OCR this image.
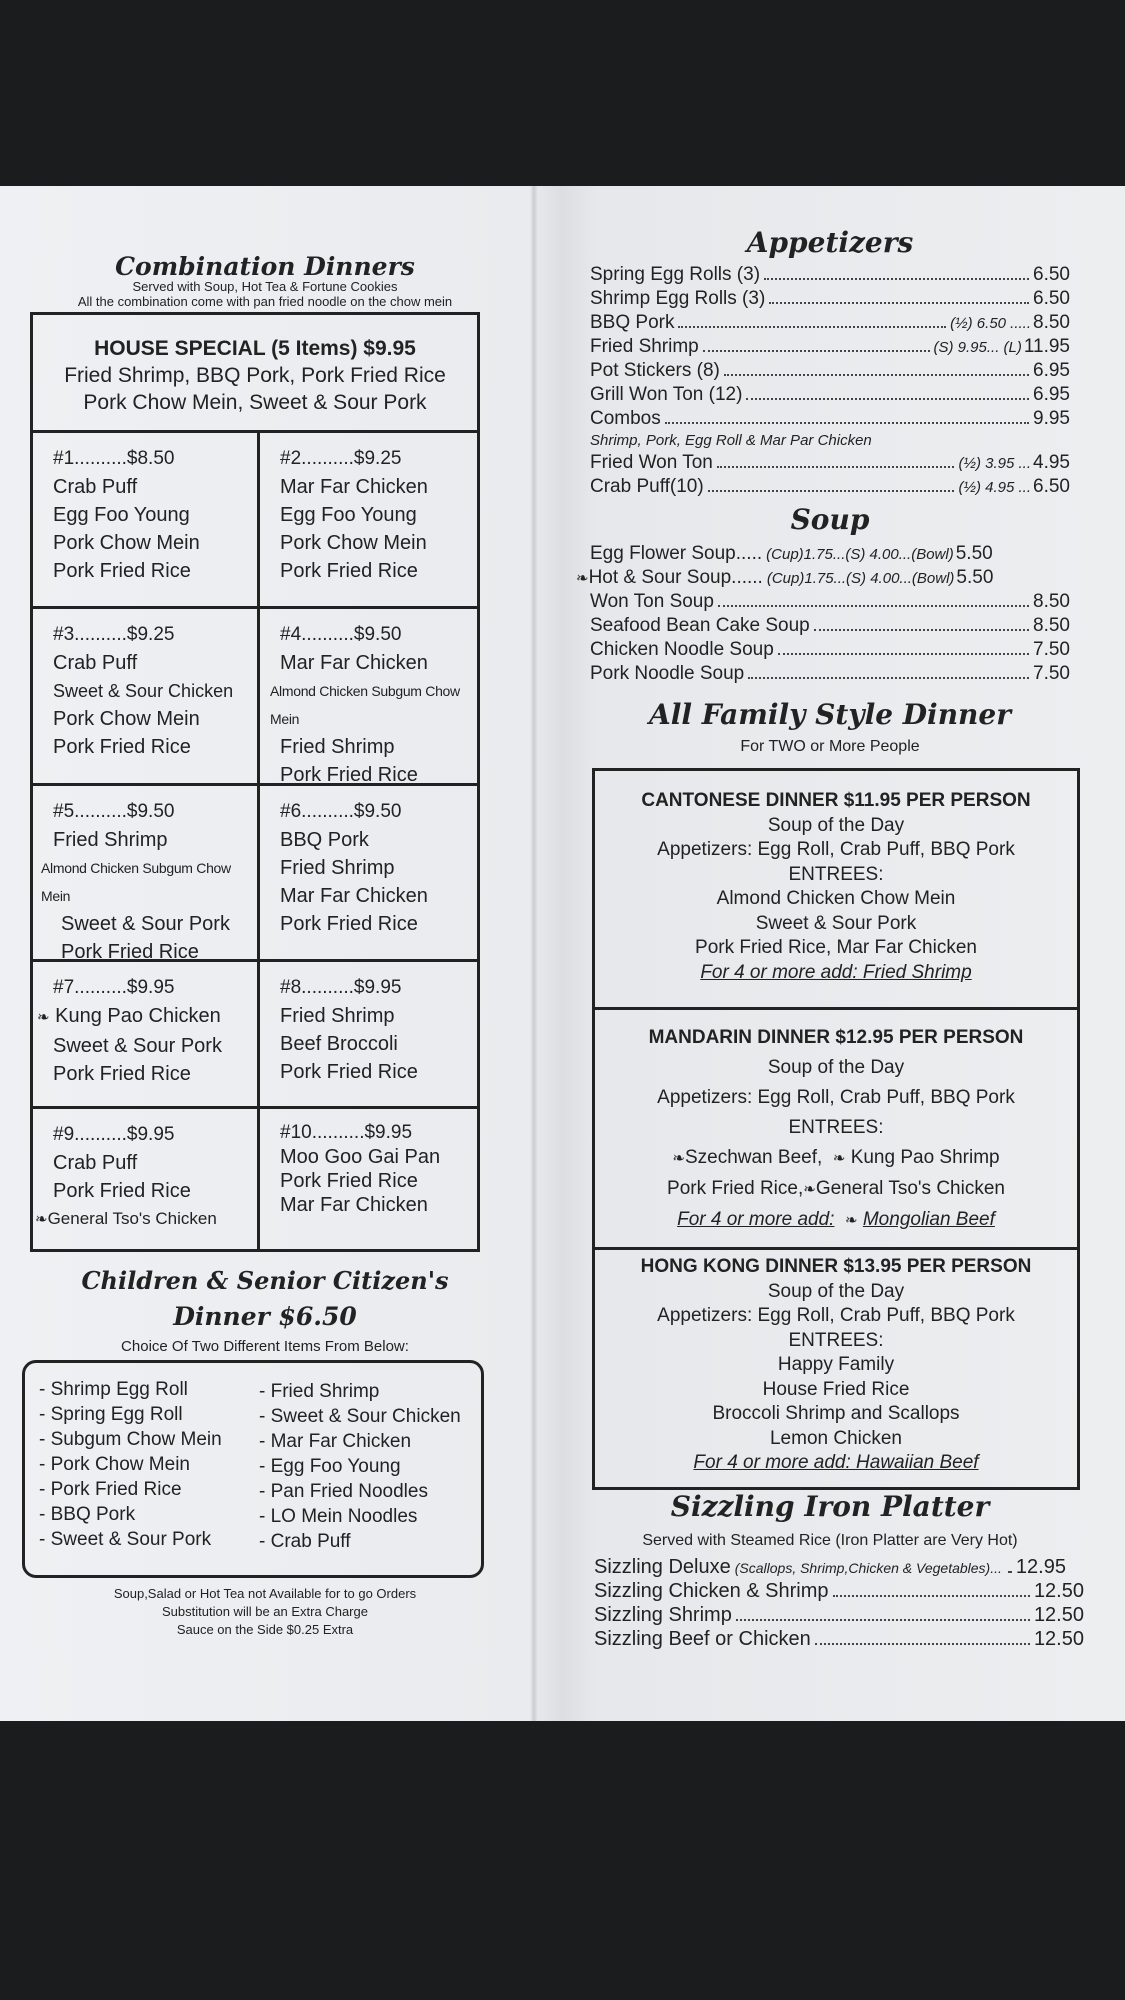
Combination Dinners
Served with Soup, Hot Tea & Fortune Cookies
All the combination come with pan fried noodle on the chow mein
HOUSE SPECIAL (5 Items) $9.95
Fried Shrimp, BBQ Pork, Pork Fried Rice
Pork Chow Mein, Sweet & Sour Pork
#1..........$8.50
Crab Puff
Egg Foo Young
Pork Chow Mein
Pork Fried Rice
#2..........$9.25
Mar Far Chicken
Egg Foo Young
Pork Chow Mein
Pork Fried Rice
#3..........$9.25
Crab Puff
Sweet & Sour Chicken
Pork Chow Mein
Pork Fried Rice
#4..........$9.50
Mar Far Chicken
Almond Chicken Subgum Chow Mein
Fried Shrimp
Pork Fried Rice
#5..........$9.50
Fried Shrimp
Almond Chicken Subgum Chow Mein
Sweet & Sour Pork
Pork Fried Rice
#6..........$9.50
BBQ Pork
Fried Shrimp
Mar Far Chicken
Pork Fried Rice
#7..........$9.95
❧ Kung Pao Chicken
Sweet & Sour Pork
Pork Fried Rice
#8..........$9.95
Fried Shrimp
Beef Broccoli
Pork Fried Rice
#9..........$9.95
Crab Puff
Pork Fried Rice
❧General Tso's Chicken
#10..........$9.95
Moo Goo Gai Pan
Pork Fried Rice
Mar Far Chicken
Children & Senior Citizen's
Dinner $6.50
Choice Of Two Different Items From Below:
- Shrimp Egg Roll
- Spring Egg Roll
- Subgum Chow Mein
- Pork Chow Mein
- Pork Fried Rice
- BBQ Pork
- Sweet & Sour Pork
- Fried Shrimp
- Sweet & Sour Chicken
- Mar Far Chicken
- Egg Foo Young
- Pan Fried Noodles
- LO Mein Noodles
- Crab Puff
Soup,Salad or Hot Tea not Available for to go Orders
Substitution will be an Extra Charge
Sauce on the Side $0.25 Extra
Appetizers
Spring Egg Rolls (3)	6.50
Shrimp Egg Rolls (3)	6.50
BBQ Pork	(½) 6.50 ..... 8.50
Fried Shrimp	(S) 9.95... (L) 11.95
Pot Stickers (8)	6.95
Grill Won Ton (12)	6.95
Combos	9.95
Shrimp, Pork, Egg Roll & Mar Par Chicken
Fried Won Ton	(½) 3.95 ... 4.95
Crab Puff(10)	(½) 4.95 ... 6.50
Soup
Egg Flower Soup..... (Cup)1.75...(S) 4.00...(Bowl) 5.50
❧ Hot & Sour Soup...... (Cup)1.75...(S) 4.00...(Bowl) 5.50
Won Ton Soup	8.50
Seafood Bean Cake Soup	8.50
Chicken Noodle Soup	7.50
Pork Noodle Soup	7.50
All Family Style Dinner
For TWO or More People
CANTONESE DINNER $11.95 PER PERSON
Soup of the Day
Appetizers: Egg Roll, Crab Puff, BBQ Pork
ENTREES:
Almond Chicken Chow Mein
Sweet & Sour Pork
Pork Fried Rice, Mar Far Chicken
For 4 or more add: Fried Shrimp
MANDARIN DINNER $12.95 PER PERSON
Soup of the Day
Appetizers: Egg Roll, Crab Puff, BBQ Pork
ENTREES:
❧Szechwan Beef, ❧ Kung Pao Shrimp
Pork Fried Rice,❧General Tso's Chicken
For 4 or more add: ❧ Mongolian Beef
HONG KONG DINNER $13.95 PER PERSON
Soup of the Day
Appetizers: Egg Roll, Crab Puff, BBQ Pork
ENTREES:
Happy Family
House Fried Rice
Broccoli Shrimp and Scallops
Lemon Chicken
For 4 or more add: Hawaiian Beef
Sizzling Iron Platter
Served with Steamed Rice (Iron Platter are Very Hot)
Sizzling Deluxe (Scallops, Shrimp,Chicken & Vegetables)... 12.95
Sizzling Chicken & Shrimp	12.50
Sizzling Shrimp	12.50
Sizzling Beef or Chicken	12.50
